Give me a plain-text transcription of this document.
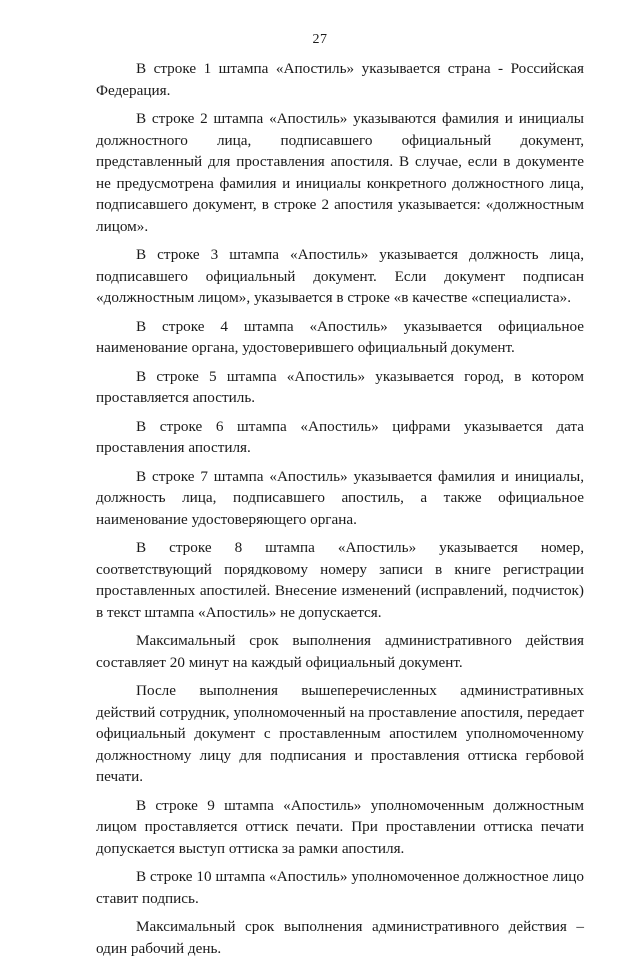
27

В строке 1 штампа «Апостиль» указывается страна - Российская Федерация.

В строке 2 штампа «Апостиль» указываются фамилия и инициалы должностного лица, подписавшего официальный документ, представленный для проставления апостиля. В случае, если в документе не предусмотрена фамилия и инициалы конкретного должностного лица, подписавшего документ, в строке 2 апостиля указывается: «должностным лицом».

В строке 3 штампа «Апостиль» указывается должность лица, подписавшего официальный документ. Если документ подписан «должностным лицом», указывается в строке «в качестве «специалиста».

В строке 4 штампа «Апостиль» указывается официальное наименование органа, удостоверившего официальный документ.

В строке 5 штампа «Апостиль» указывается город, в котором проставляется апостиль.

В строке 6 штампа «Апостиль» цифрами указывается дата проставления апостиля.

В строке 7 штампа «Апостиль» указывается фамилия и инициалы, должность лица, подписавшего апостиль, а также официальное наименование удостоверяющего органа.

В строке 8 штампа «Апостиль» указывается номер, соответствующий порядковому номеру записи в книге регистрации проставленных апостилей. Внесение изменений (исправлений, подчисток) в текст штампа «Апостиль» не допускается.

Максимальный срок выполнения административного действия составляет 20 минут на каждый официальный документ.

После выполнения вышеперечисленных административных действий сотрудник, уполномоченный на проставление апостиля, передает официальный документ с проставленным апостилем уполномоченному должностному лицу для подписания и проставления оттиска гербовой печати.

В строке 9 штампа «Апостиль» уполномоченным должностным лицом проставляется оттиск печати. При проставлении оттиска печати допускается выступ оттиска за рамки апостиля.

В строке 10 штампа «Апостиль» уполномоченное должностное лицо ставит подпись.

Максимальный срок выполнения административного действия – один рабочий день.
